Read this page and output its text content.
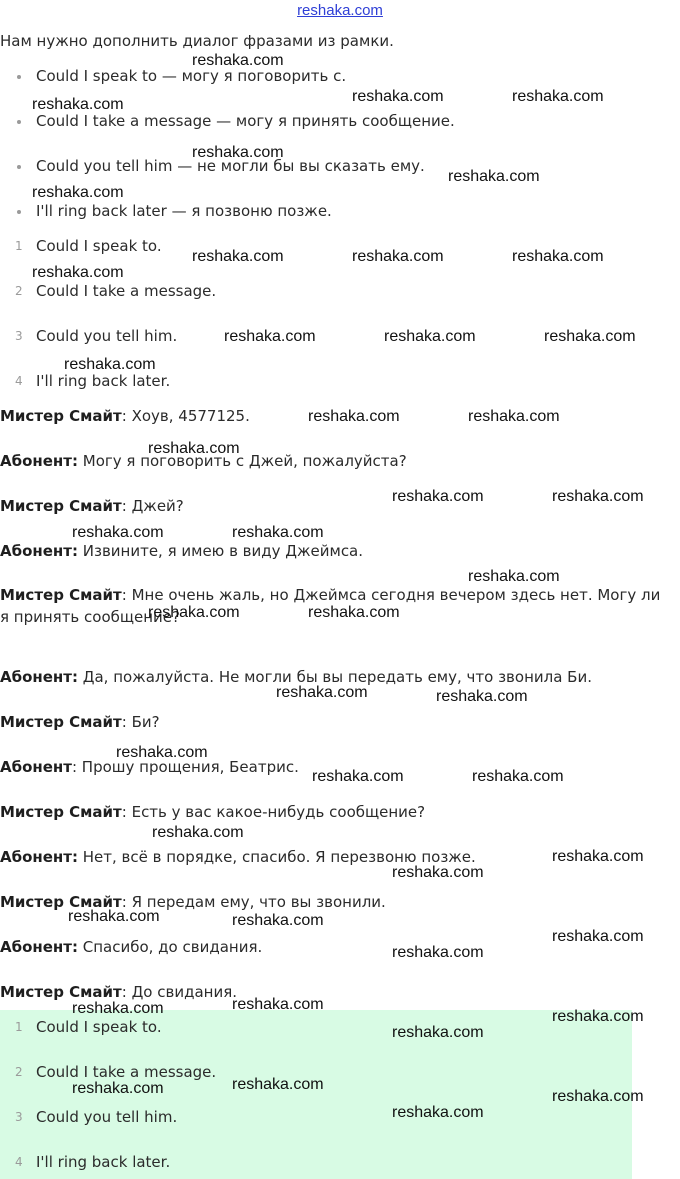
reshaka.com
Нам нужно дополнить диалог фразами из рамки.
Could I speak to — могу я поговорить с.
Could I take a message — могу я принять сообщение.
Could you tell him — не могли бы вы сказать ему.
I'll ring back later — я позвоню позже.
1 Could I speak to.
2 Could I take a message.
3 Could you tell him.
4 I'll ring back later.
Мистер Смайт: Хоув, 4577125.
Абонент: Могу я поговорить с Джей, пожалуйста?
Мистер Смайт: Джей?
Абонент: Извините, я имею в виду Джеймса.
Мистер Смайт: Мне очень жаль, но Джеймса сегодня вечером здесь нет. Могу ли я принять сообщение?
Абонент: Да, пожалуйста. Не могли бы вы передать ему, что звонила Би.
Мистер Смайт: Би?
Абонент: Прошу прощения, Беатрис.
Мистер Смайт: Есть у вас какое-нибудь сообщение?
Абонент: Нет, всё в порядке, спасибо. Я перезвоню позже.
Мистер Смайт: Я передам ему, что вы звонили.
Абонент: Спасибо, до свидания.
Мистер Смайт: До свидания.
1 Could I speak to.
2 Could I take a message.
3 Could you tell him.
4 I'll ring back later.
reshaka.com
reshaka.com	reshaka.com	reshaka.com
reshaka.com
reshaka.com
reshaka.com
reshaka.com	reshaka.com	reshaka.com
reshaka.com
reshaka.com	reshaka.com	reshaka.com
reshaka.com
reshaka.com	reshaka.com
reshaka.com
reshaka.com	reshaka.com
reshaka.com	reshaka.com
reshaka.com
reshaka.com	reshaka.com
reshaka.com	reshaka.com
reshaka.com
reshaka.com	reshaka.com
reshaka.com
reshaka.com
reshaka.com
reshaka.com	reshaka.com
reshaka.com
reshaka.com
reshaka.com
reshaka.com	reshaka.com
reshaka.com
reshaka.com
reshaka.com	reshaka.com
reshaka.com
